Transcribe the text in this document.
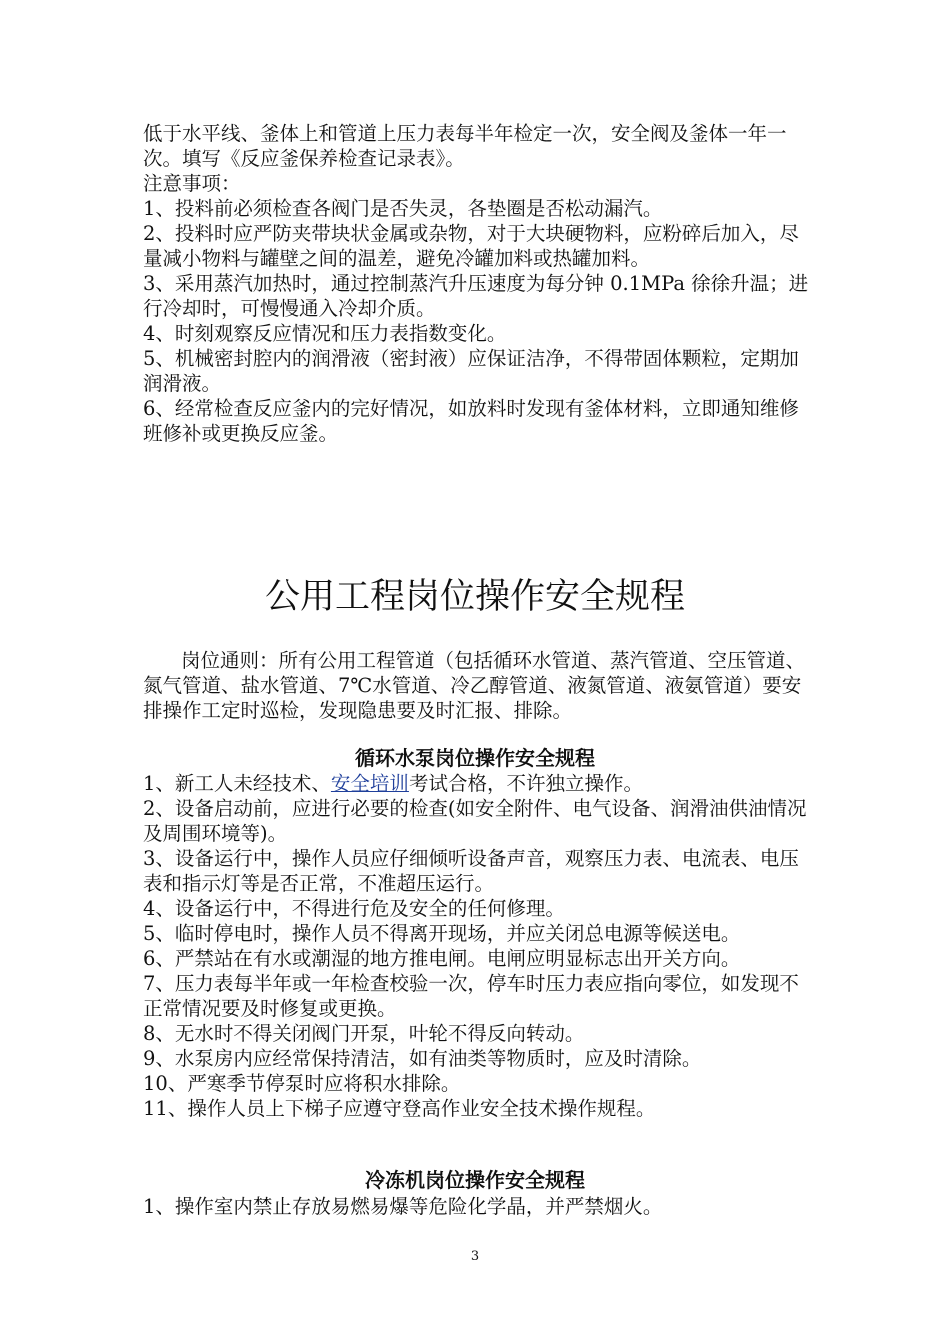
低于水平线、釜体上和管道上压力表每半年检定一次，安全阀及釜体一年一次。填写《反应釜保养检查记录表》。

注意事项：

1、投料前必须检查各阀门是否失灵，各垫圈是否松动漏汽。

2、投料时应严防夹带块状金属或杂物，对于大块硬物料，应粉碎后加入，尽量减小物料与罐壁之间的温差，避免冷罐加料或热罐加料。

3、采用蒸汽加热时，通过控制蒸汽升压速度为每分钟 0.1MPa 徐徐升温；进行冷却时，可慢慢通入冷却介质。

4、时刻观察反应情况和压力表指数变化。

5、机械密封腔内的润滑液（密封液）应保证洁净，不得带固体颗粒，定期加润滑液。

6、经常检查反应釜内的完好情况，如放料时发现有釜体材料，立即通知维修班修补或更换反应釜。

公用工程岗位操作安全规程

岗位通则：所有公用工程管道（包括循环水管道、蒸汽管道、空压管道、氮气管道、盐水管道、7℃水管道、冷乙醇管道、液氮管道、液氨管道）要安排操作工定时巡检，发现隐患要及时汇报、排除。

循环水泵岗位操作安全规程

1、新工人未经技术、安全培训考试合格，不许独立操作。

2、设备启动前，应进行必要的检查(如安全附件、电气设备、润滑油供油情况及周围环境等)。

3、设备运行中，操作人员应仔细倾听设备声音，观察压力表、电流表、电压表和指示灯等是否正常，不准超压运行。

4、设备运行中，不得进行危及安全的任何修理。

5、临时停电时，操作人员不得离开现场，并应关闭总电源等候送电。

6、严禁站在有水或潮湿的地方推电闸。电闸应明显标志出开关方向。

7、压力表每半年或一年检查校验一次，停车时压力表应指向零位，如发现不正常情况要及时修复或更换。

8、无水时不得关闭阀门开泵，叶轮不得反向转动。

9、水泵房内应经常保持清洁，如有油类等物质时，应及时清除。

10、严寒季节停泵时应将积水排除。

11、操作人员上下梯子应遵守登高作业安全技术操作规程。

冷冻机岗位操作安全规程

1、操作室内禁止存放易燃易爆等危险化学晶，并严禁烟火。

3
